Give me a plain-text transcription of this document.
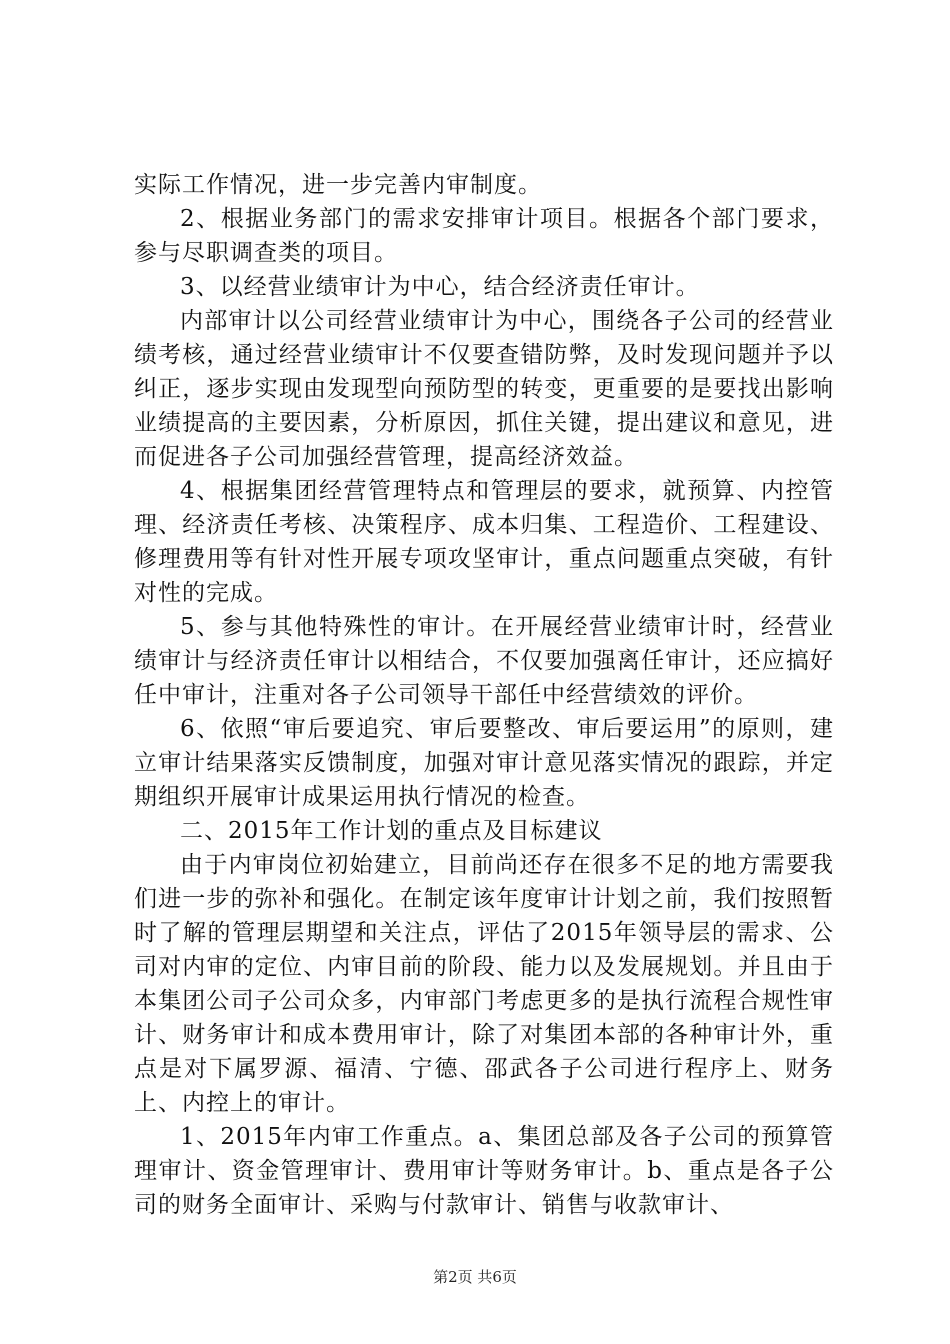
实际工作情况，进一步完善内审制度。

2、根据业务部门的需求安排审计项目。根据各个部门要求，参与尽职调查类的项目。

3、以经营业绩审计为中心，结合经济责任审计。

内部审计以公司经营业绩审计为中心，围绕各子公司的经营业绩考核，通过经营业绩审计不仅要查错防弊，及时发现问题并予以纠正，逐步实现由发现型向预防型的转变，更重要的是要找出影响业绩提高的主要因素，分析原因，抓住关键，提出建议和意见，进而促进各子公司加强经营管理，提高经济效益。

4、根据集团经营管理特点和管理层的要求，就预算、内控管理、经济责任考核、决策程序、成本归集、工程造价、工程建设、修理费用等有针对性开展专项攻坚审计，重点问题重点突破，有针对性的完成。

5、参与其他特殊性的审计。在开展经营业绩审计时，经营业绩审计与经济责任审计以相结合，不仅要加强离任审计，还应搞好任中审计，注重对各子公司领导干部任中经营绩效的评价。

6、依照“审后要追究、审后要整改、审后要运用”的原则，建立审计结果落实反馈制度，加强对审计意见落实情况的跟踪，并定期组织开展审计成果运用执行情况的检查。

二、2015年工作计划的重点及目标建议

由于内审岗位初始建立，目前尚还存在很多不足的地方需要我们进一步的弥补和强化。在制定该年度审计计划之前，我们按照暂时了解的管理层期望和关注点，评估了2015年领导层的需求、公司对内审的定位、内审目前的阶段、能力以及发展规划。并且由于本集团公司子公司众多，内审部门考虑更多的是执行流程合规性审计、财务审计和成本费用审计，除了对集团本部的各种审计外，重点是对下属罗源、福清、宁德、邵武各子公司进行程序上、财务上、内控上的审计。

1、2015年内审工作重点。a、集团总部及各子公司的预算管理审计、资金管理审计、费用审计等财务审计。b、重点是各子公司的财务全面审计、采购与付款审计、销售与收款审计、

第2页 共6页
